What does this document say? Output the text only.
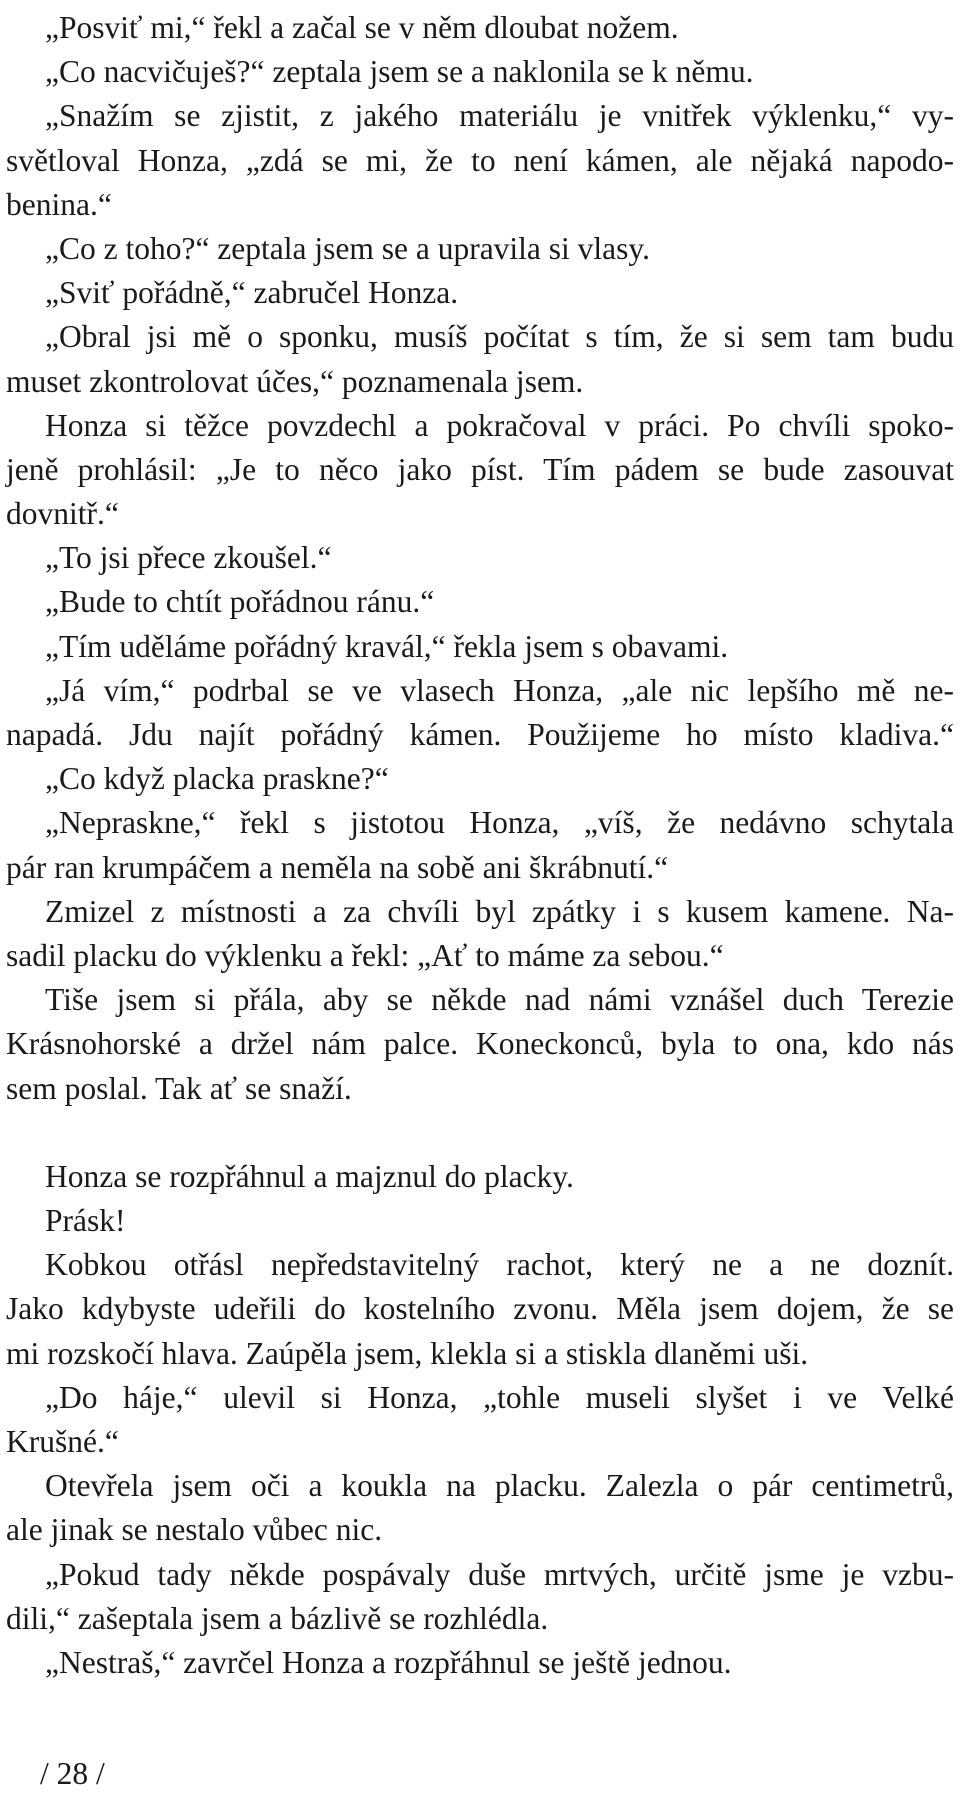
„Posviť mi,“ řekl a začal se v něm dloubat nožem.
„Co nacvičuješ?“ zeptala jsem se a naklonila se k němu.
„Snažím se zjistit, z jakého materiálu je vnitřek výklenku,“ vy-
světloval Honza, „zdá se mi, že to není kámen, ale nějaká napodo-
benina.“
„Co z toho?“ zeptala jsem se a upravila si vlasy.
„Sviť pořádně,“ zabručel Honza.
„Obral jsi mě o sponku, musíš počítat s tím, že si sem tam budu
muset zkontrolovat účes,“ poznamenala jsem.
Honza si těžce povzdechl a pokračoval v práci. Po chvíli spoko-
jeně prohlásil: „Je to něco jako píst. Tím pádem se bude zasouvat
dovnitř.“
„To jsi přece zkoušel.“
„Bude to chtít pořádnou ránu.“
„Tím uděláme pořádný kravál,“ řekla jsem s obavami.
„Já vím,“ podrbal se ve vlasech Honza, „ale nic lepšího mě ne-
napadá. Jdu najít pořádný kámen. Použijeme ho místo kladiva.“
„Co když placka praskne?“
„Nepraskne,“ řekl s jistotou Honza, „víš, že nedávno schytala
pár ran krumpáčem a neměla na sobě ani škrábnutí.“
Zmizel z místnosti a za chvíli byl zpátky i s kusem kamene. Na-
sadil placku do výklenku a řekl: „Ať to máme za sebou.“
Tiše jsem si přála, aby se někde nad námi vznášel duch Terezie
Krásnohorské a držel nám palce. Koneckonců, byla to ona, kdo nás
sem poslal. Tak ať se snaží.
Honza se rozpřáhnul a majznul do placky.
Prásk!
Kobkou otřásl nepředstavitelný rachot, který ne a ne doznít.
Jako kdybyste udeřili do kostelního zvonu. Měla jsem dojem, že se
mi rozskočí hlava. Zaúpěla jsem, klekla si a stiskla dlaněmi uši.
„Do háje,“ ulevil si Honza, „tohle museli slyšet i ve Velké
Krušné.“
Otevřela jsem oči a koukla na placku. Zalezla o pár centimetrů,
ale jinak se nestalo vůbec nic.
„Pokud tady někde pospávaly duše mrtvých, určitě jsme je vzbu-
dili,“ zašeptala jsem a bázlivě se rozhlédla.
„Nestraš,“ zavrčel Honza a rozpřáhnul se ještě jednou.
/ 28 /
